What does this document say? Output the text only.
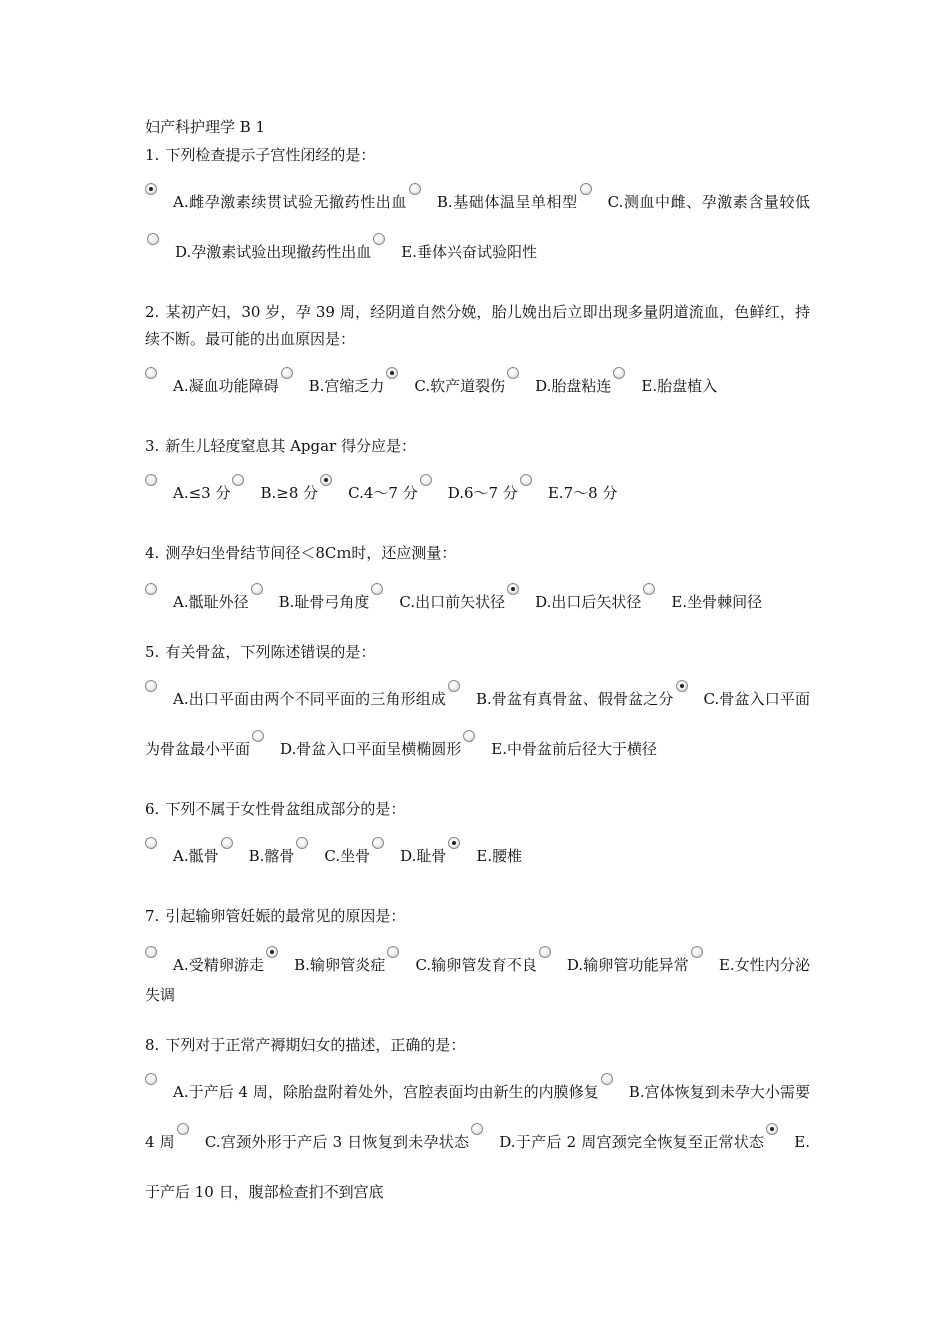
妇产科护理学 B 1
1. 下列检查提示子宫性闭经的是：
A.雌孕激素续贯试验无撤药性出血 B.基础体温呈单相型 C.测血中雌、孕激素含量较低D.孕激素试验出现撤药性出血 E.垂体兴奋试验阳性
2. 某初产妇，30 岁，孕 39 周，经阴道自然分娩，胎儿娩出后立即出现多量阴道流血，色鲜红，持续不断。最可能的出血原因是：
A.凝血功能障碍 B.宫缩乏力 C.软产道裂伤 D.胎盘粘连 E.胎盘植入
3. 新生儿轻度窒息其 Apgar 得分应是：
A.≤3 分 B.≥8 分 C.4～7 分 D.6～7 分 E.7～8 分
4. 测孕妇坐骨结节间径＜8Cｍ时，还应测量：
A.骶耻外径 B.耻骨弓角度 C.出口前矢状径 D.出口后矢状径 E.坐骨棘间径
5. 有关骨盆，下列陈述错误的是：
A.出口平面由两个不同平面的三角形组成 B.骨盆有真骨盆、假骨盆之分 C.骨盆入口平面为骨盆最小平面 D.骨盆入口平面呈横椭圆形 E.中骨盆前后径大于横径
6. 下列不属于女性骨盆组成部分的是：
A.骶骨 B.髂骨 C.坐骨 D.耻骨 E.腰椎
7. 引起输卵管妊娠的最常见的原因是：
A.受精卵游走 B.输卵管炎症 C.输卵管发育不良 D.输卵管功能异常 E.女性内分泌失调
8. 下列对于正常产褥期妇女的描述，正确的是：
A.于产后 4 周，除胎盘附着处外，宫腔表面均由新生的内膜修复 B.宫体恢复到未孕大小需要 4 周 C.宫颈外形于产后 3 日恢复到未孕状态 D.于产后 2 周宫颈完全恢复至正常状态 E.于产后 10 日，腹部检查扪不到宫底
